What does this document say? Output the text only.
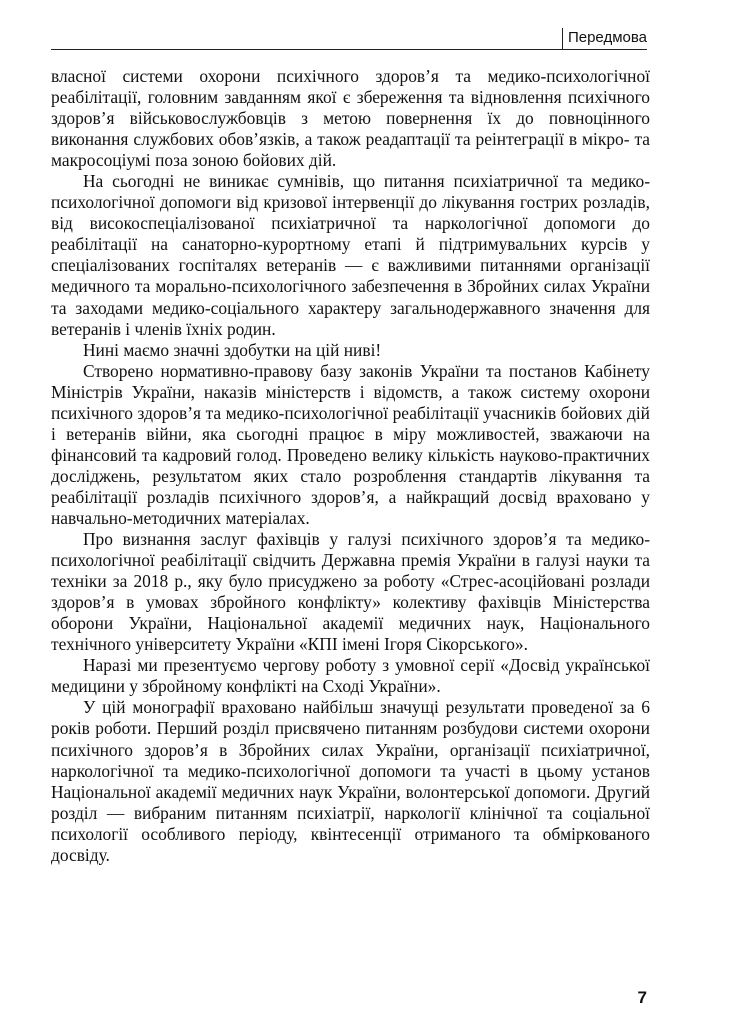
Передмова

власної системи охорони психічного здоров’я та медико-психологічної реабілітації, головним завданням якої є збереження та відновлення психічного здоров’я військовослужбовців з метою повернення їх до повноцінного виконання службових обов’язків, а також реадаптації та реінтеграції в мікро- та макросоціумі поза зоною бойових дій.

На сьогодні не виникає сумнівів, що питання психіатричної та медико-психологічної допомоги від кризової інтервенції до лікування гострих розладів, від високоспеціалізованої психіатричної та наркологічної допомоги до реабілітації на санаторно-курортному етапі й підтримувальних курсів у спеціалізованих госпіталях ветеранів — є важливими питаннями організації медичного та морально-психологічного забезпечення в Збройних силах України та заходами медико-соціального характеру загальнодержавного значення для ветеранів і членів їхніх родин.

Нині маємо значні здобутки на цій ниві!

Створено нормативно-правову базу законів України та постанов Кабінету Міністрів України, наказів міністерств і відомств, а також систему охорони психічного здоров’я та медико-психологічної реабілітації учасників бойових дій і ветеранів війни, яка сьогодні працює в міру можливостей, зважаючи на фінансовий та кадровий голод. Проведено велику кількість науково-практичних досліджень, результатом яких стало розроблення стандартів лікування та реабілітації розладів психічного здоров’я, а найкращий досвід враховано у навчально-методичних матеріалах.

Про визнання заслуг фахівців у галузі психічного здоров’я та медико-психологічної реабілітації свідчить Державна премія України в галузі науки та техніки за 2018 р., яку було присуджено за роботу «Стрес-асоційовані розлади здоров’я в умовах збройного конфлікту» колективу фахівців Міністерства оборони України, Національної академії медичних наук, Національного технічного університету України «КПІ імені Ігоря Сікорського».

Наразі ми презентуємо чергову роботу з умовної серії «Досвід української медицини у збройному конфлікті на Сході України».

У цій монографії враховано найбільш значущі результати проведеної за 6 років роботи. Перший розділ присвячено питанням розбудови системи охорони психічного здоров’я в Збройних силах України, організації психіатричної, наркологічної та медико-психологічної допомоги та участі в цьому установ Національної академії медичних наук України, волонтерської допомоги. Другий розділ — вибраним питанням психіатрії, наркології клінічної та соціальної психології особливого періоду, квінтесенції отриманого та обміркованого досвіду.

7
